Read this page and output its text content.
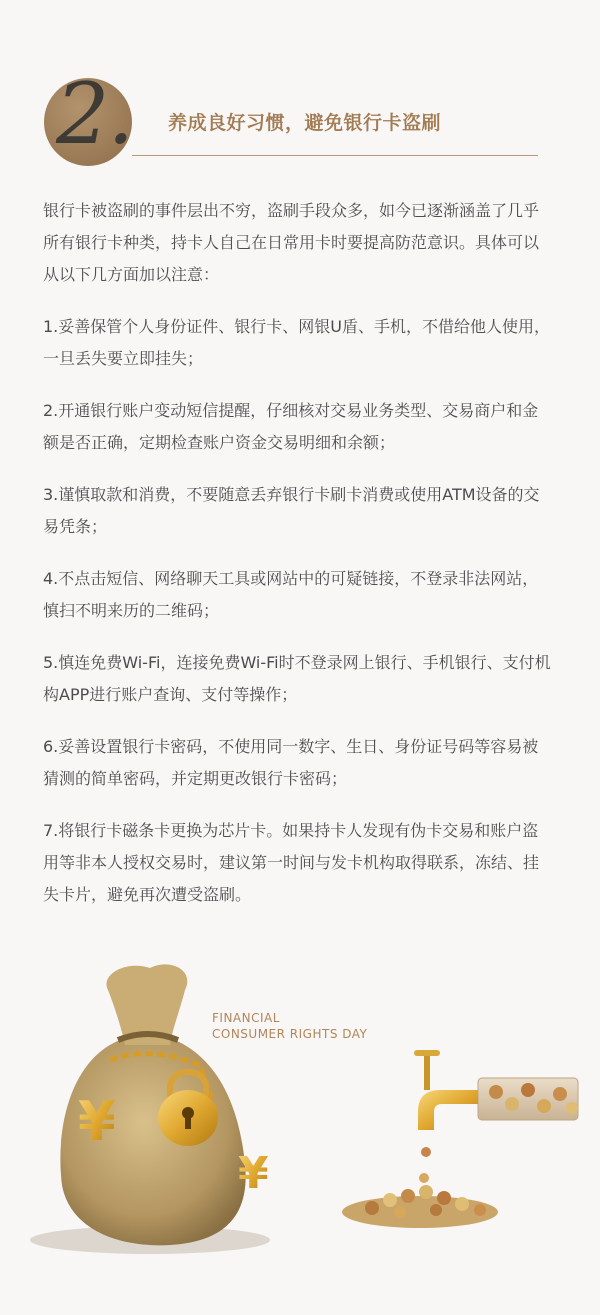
2. 养成良好习惯，避免银行卡盗刷

银行卡被盗刷的事件层出不穷，盗刷手段众多，如今已逐渐涵盖了几乎所有银行卡种类，持卡人自己在日常用卡时要提高防范意识。具体可以从以下几方面加以注意：

1.妥善保管个人身份证件、银行卡、网银U盾、手机，不借给他人使用，一旦丢失要立即挂失；

2.开通银行账户变动短信提醒，仔细核对交易业务类型、交易商户和金额是否正确，定期检查账户资金交易明细和余额；

3.谨慎取款和消费，不要随意丢弃银行卡刷卡消费或使用ATM设备的交易凭条；

4.不点击短信、网络聊天工具或网站中的可疑链接，不登录非法网站，慎扫不明来历的二维码；

5.慎连免费Wi-Fi，连接免费Wi-Fi时不登录网上银行、手机银行、支付机构APP进行账户查询、支付等操作；

6.妥善设置银行卡密码，不使用同一数字、生日、身份证号码等容易被猜测的简单密码，并定期更改银行卡密码；

7.将银行卡磁条卡更换为芯片卡。如果持卡人发现有伪卡交易和账户盗用等非本人授权交易时，建议第一时间与发卡机构取得联系，冻结、挂失卡片，避免再次遭受盗刷。

FINANCIAL
CONSUMER RIGHTS DAY
¥
¥
